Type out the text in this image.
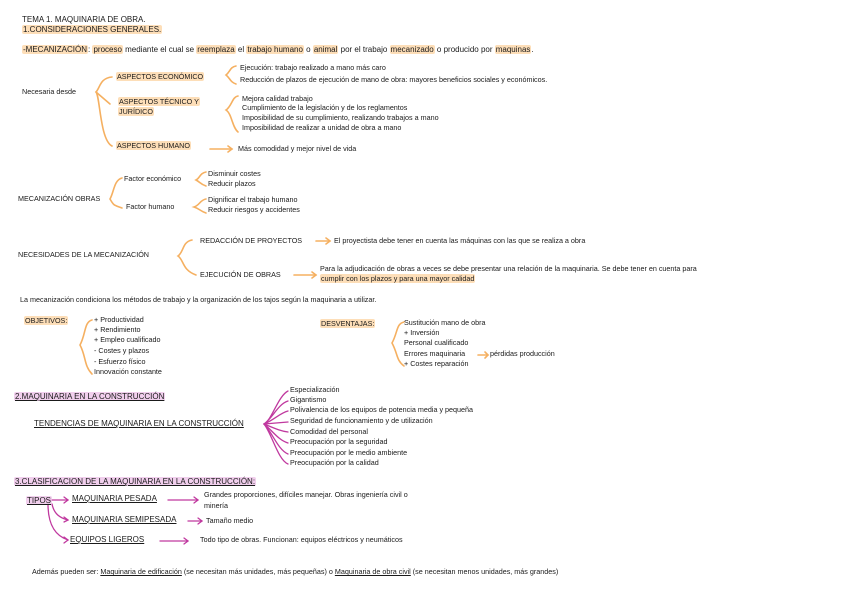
TEMA 1. MAQUINARIA DE OBRA.
1.CONSIDERACIONES GENERALES.
-MECANIZACIÓN: proceso mediante el cual se reemplaza el trabajo humano o animal por el trabajo mecanizado o producido por maquinas.
Necesaria desde
ASPECTOS ECONÓMICO
Ejecución: trabajo realizado a mano más caro
Reducción de plazos de ejecución de mano de obra: mayores beneficios sociales y económicos.
ASPECTOS TÉCNICO Y
JURÍDICO
Mejora calidad trabajo
Cumplimiento de la legislación y de los reglamentos
Imposibilidad de su cumplimiento, realizando trabajos a mano
Imposibilidad de realizar a unidad de obra a mano
ASPECTOS HUMANO	Más comodidad y mejor nivel de vida
MECANIZACIÓN OBRAS
Factor económico
Disminuir costes
Reducir plazos
Factor humano
Dignificar el trabajo humano
Reducir riesgos y accidentes
NECESIDADES DE LA MECANIZACIÓN
REDACCIÓN DE PROYECTOS	El proyectista debe tener en cuenta las máquinas con las que se realiza a obra
EJECUCIÓN DE OBRAS
Para la adjudicación de obras a veces se debe presentar una relación de la maquinaria. Se debe tener en cuenta para
cumplir con los plazos y para una mayor calidad
La mecanización condiciona los métodos de trabajo y la organización de los tajos según la maquinaria a utilizar.
OBJETIVOS:	+ Productividad
+ Rendimiento
+ Empleo cualificado
- Costes y plazos
- Esfuerzo físico
Innovación constante
DESVENTAJAS:	Sustitución mano de obra
+ Inversión
Personal cualificado
Errores maquinaria	pérdidas producción
+ Costes reparación
2.MAQUINARIA EN LA CONSTRUCCIÓN
TENDENCIAS DE MAQUINARIA EN LA CONSTRUCCIÓN
Especialización
Gigantismo
Polivalencia de los equipos de potencia media y pequeña
Seguridad de funcionamiento y de utilización
Comodidad del personal
Preocupación por la seguridad
Preocupación por le medio ambiente
Preocupación por la calidad
3.CLASIFICACION DE LA MAQUINARIA EN LA CONSTRUCCIÓN:
TIPOS	MAQUINARIA PESADA	Grandes proporciones, difíciles manejar. Obras ingeniería civil o
minería
MAQUINARIA SEMIPESADA	Tamaño medio
EQUIPOS LIGEROS	Todo tipo de obras. Funcionan: equipos eléctricos y neumáticos
Además pueden ser: Maquinaria de edificación (se necesitan más unidades, más pequeñas) o Maquinaria de obra civil (se necesitan menos unidades, más grandes)
